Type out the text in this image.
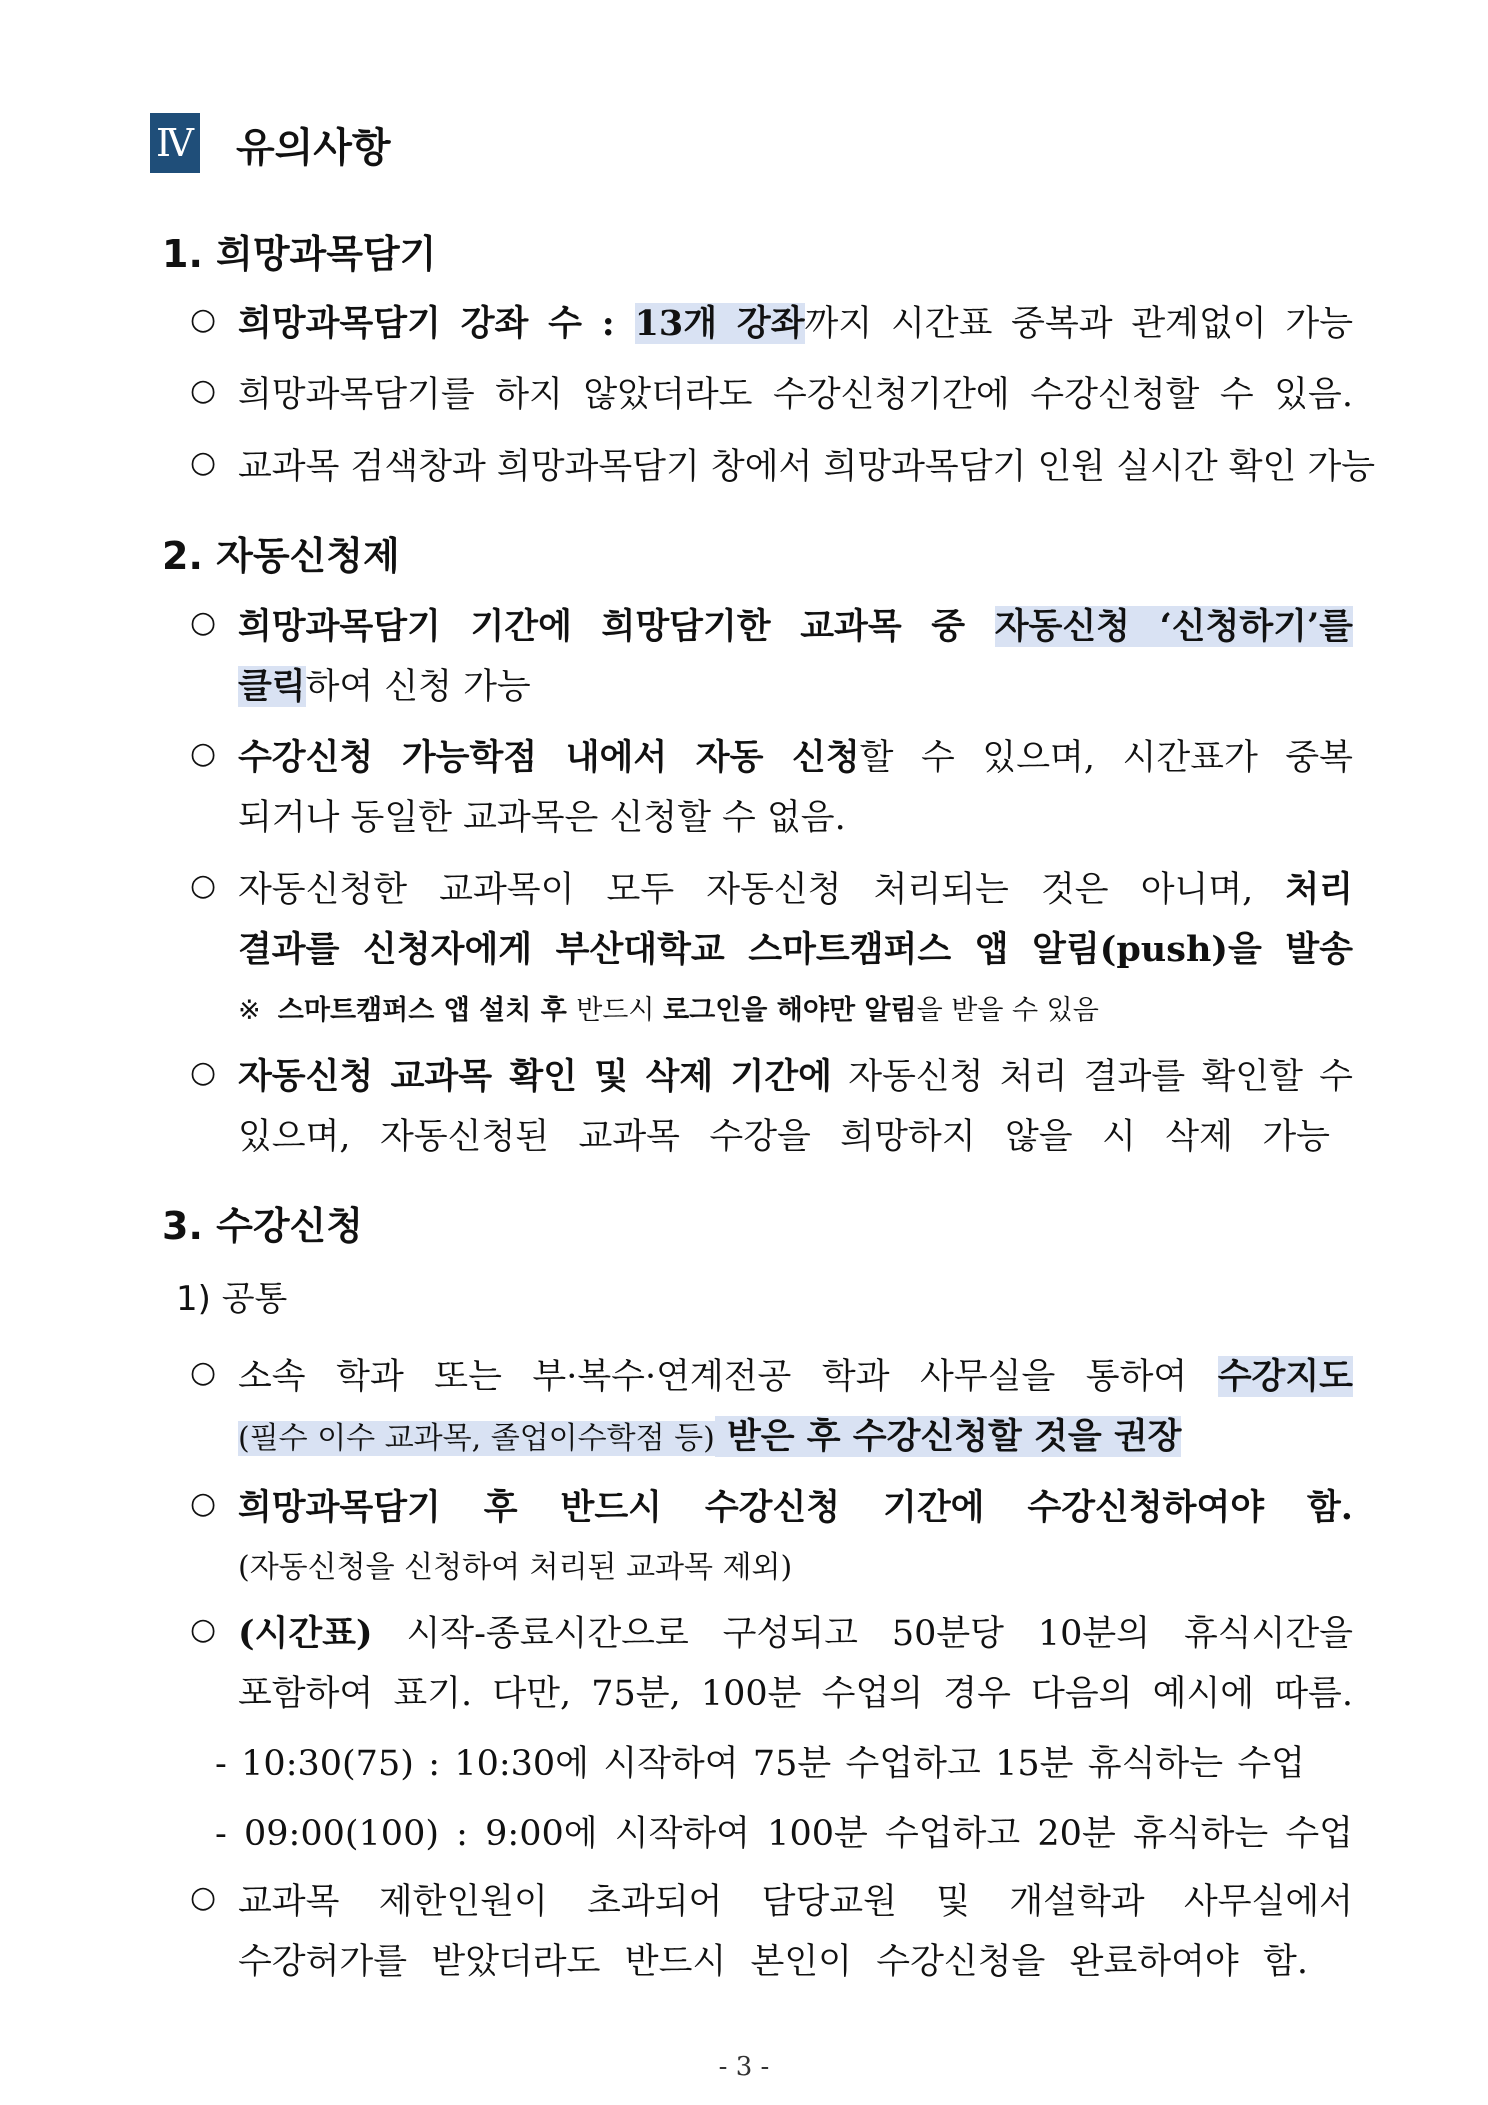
Ⅳ 유의사항
1. 희망과목담기
○ 희망과목담기 강좌 수 : 13개 강좌까지 시간표 중복과 관계없이 가능
○ 희망과목담기를 하지 않았더라도 수강신청기간에 수강신청할 수 있음.
○ 교과목 검색창과 희망과목담기 창에서 희망과목담기 인원 실시간 확인 가능
2. 자동신청제
○ 희망과목담기 기간에 희망담기한 교과목 중 자동신청 ‘신청하기’를
클릭하여 신청 가능
○ 수강신청 가능학점 내에서 자동 신청할 수 있으며, 시간표가 중복
되거나 동일한 교과목은 신청할 수 없음.
○ 자동신청한 교과목이 모두 자동신청 처리되는 것은 아니며, 처리
결과를 신청자에게 부산대학교 스마트캠퍼스 앱 알림(push)을 발송
※ 스마트캠퍼스 앱 설치 후 반드시 로그인을 해야만 알림을 받을 수 있음
○ 자동신청 교과목 확인 및 삭제 기간에 자동신청 처리 결과를 확인할 수
있으며, 자동신청된 교과목 수강을 희망하지 않을 시 삭제 가능
3. 수강신청
1) 공통
○ 소속 학과 또는 부·복수·연계전공 학과 사무실을 통하여 수강지도
(필수 이수 교과목, 졸업이수학점 등) 받은 후 수강신청할 것을 권장
○ 희망과목담기 후 반드시 수강신청 기간에 수강신청하여야 함.
(자동신청을 신청하여 처리된 교과목 제외)
○ (시간표) 시작-종료시간으로 구성되고 50분당 10분의 휴식시간을
포함하여 표기. 다만, 75분, 100분 수업의 경우 다음의 예시에 따름.
- 10:30(75) : 10:30에 시작하여 75분 수업하고 15분 휴식하는 수업
- 09:00(100) : 9:00에 시작하여 100분 수업하고 20분 휴식하는 수업
○ 교과목 제한인원이 초과되어 담당교원 및 개설학과 사무실에서
수강허가를 받았더라도 반드시 본인이 수강신청을 완료하여야 함.
- 3 -
